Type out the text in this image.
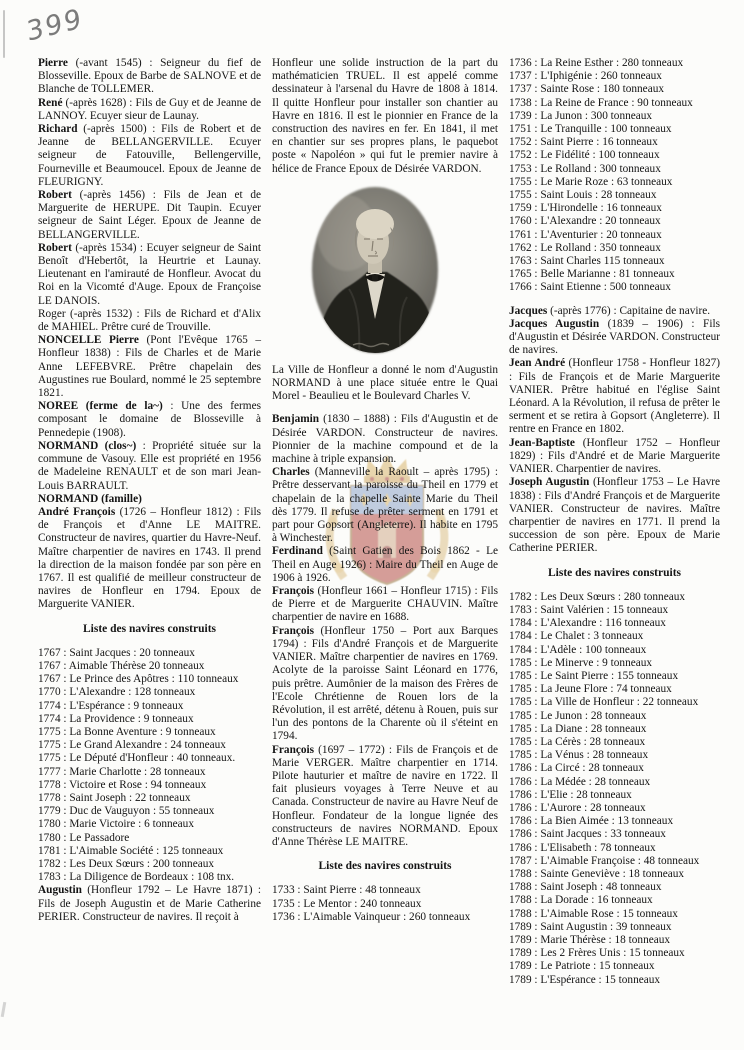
399

Pierre (-avant 1545) : Seigneur du fief de Blosseville. Epoux de Barbe de SALNOVE et de Blanche de TOLLEMER.

René (-après 1628) : Fils de Guy et de Jeanne de LANNOY. Ecuyer sieur de Launay.

Richard (-après 1500) : Fils de Robert et de Jeanne de BELLANGERVILLE. Ecuyer seigneur de Fatouville, Bellengerville, Fourneville et Beaumoucel. Epoux de Jeanne de FLEURIGNY.

Robert (-après 1456) : Fils de Jean et de Marguerite de HERUPE. Dit Taupin. Ecuyer seigneur de Saint Léger. Epoux de Jeanne de BELLANGERVILLE.

Robert (-après 1534) : Ecuyer seigneur de Saint Benoît d'Hebertôt, la Heurtrie et Launay. Lieutenant en l'amirauté de Honfleur. Avocat du Roi en la Vicomté d'Auge. Epoux de Françoise LE DANOIS.

Roger (-après 1532) : Fils de Richard et d'Alix de MAHIEL. Prêtre curé de Trouville.

NONCELLE Pierre (Pont l'Evêque 1765 – Honfleur 1838) : Fils de Charles et de Marie Anne LEFEBVRE. Prêtre chapelain des Augustines rue Boulard, nommé le 25 septembre 1821.

NOREE (ferme de la~) : Une des fermes composant le domaine de Blosseville à Pennedepie (1908).

NORMAND (clos~) : Propriété située sur la commune de Vasouy. Elle est propriété en 1956 de Madeleine RENAULT et de son mari Jean-Louis BARRAULT.

NORMAND (famille)

André François (1726 – Honfleur 1812) : Fils de François et d'Anne LE MAITRE. Constructeur de navires, quartier du Havre-Neuf. Maître charpentier de navires en 1743. Il prend la direction de la maison fondée par son père en 1767. Il est qualifié de meilleur constructeur de navires de Honfleur en 1794. Epoux de Marguerite VANIER.

Liste des navires construits
1767 : Saint Jacques : 20 tonneaux
1767 : Aimable Thérèse 20 tonneaux
1767 : Le Prince des Apôtres : 110 tonneaux
1770 : L'Alexandre : 128 tonneaux
1774 : L'Espérance : 9 tonneaux
1774 : La Providence : 9 tonneaux
1775 : La Bonne Aventure : 9 tonneaux
1775 : Le Grand Alexandre : 24 tonneaux
1775 : Le Député d'Honfleur : 40 tonneaux.
1777 : Marie Charlotte : 28 tonneaux
1778 : Victoire et Rose : 94 tonneaux
1778 : Saint Joseph : 22 tonneaux
1779 : Duc de Vauguyon : 55 tonneaux
1780 : Marie Victoire : 6 tonneaux
1780 : Le Passadore
1781 : L'Aimable Société : 125 tonneaux
1782 : Les Deux Sœurs : 200 tonneaux
1783 : La Diligence de Bordeaux : 108 tnx.

Augustin (Honfleur 1792 – Le Havre 1871) : Fils de Joseph Augustin et de Marie Catherine PERIER. Constructeur de navires. Il reçoit à

Honfleur une solide instruction de la part du mathématicien TRUEL. Il est appelé comme dessinateur à l'arsenal du Havre de 1808 à 1814. Il quitte Honfleur pour installer son chantier au Havre en 1816. Il est le pionnier en France de la construction des navires en fer. En 1841, il met en chantier sur ses propres plans, le paquebot poste « Napoléon » qui fut le premier navire à hélice de France Epoux de Désirée VARDON.

La Ville de Honfleur a donné le nom d'Augustin NORMAND à une place située entre le Quai Morel - Beaulieu et le Boulevard Charles V.

Benjamin (1830 – 1888) : Fils d'Augustin et de Désirée VARDON. Constructeur de navires. Pionnier de la machine compound et de la machine à triple expansion.

Charles (Manneville la Raoult – après 1795) : Prêtre desservant la paroisse du Theil en 1779 et chapelain de la chapelle Sainte Marie du Theil dès 1779. Il refuse de prêter serment en 1791 et part pour Gopsort (Angleterre). Il habite en 1795 à Winchester.

Ferdinand (Saint Gatien des Bois 1862 - Le Theil en Auge 1926) : Maire du Theil en Auge de 1906 à 1926.

François (Honfleur 1661 – Honfleur 1715) : Fils de Pierre et de Marguerite CHAUVIN. Maître charpentier de navire en 1688.

François (Honfleur 1750 – Port aux Barques 1794) : Fils d'André François et de Marguerite VANIER. Maître charpentier de navires en 1769. Acolyte de la paroisse Saint Léonard en 1776, puis prêtre. Aumônier de la maison des Frères de l'Ecole Chrétienne de Rouen lors de la Révolution, il est arrêté, détenu à Rouen, puis sur l'un des pontons de la Charente où il s'éteint en 1794.

François (1697 – 1772) : Fils de François et de Marie VERGER. Maître charpentier en 1714. Pilote hauturier et maître de navire en 1722. Il fait plusieurs voyages à Terre Neuve et au Canada. Constructeur de navire au Havre Neuf de Honfleur. Fondateur de la longue lignée des constructeurs de navires NORMAND. Epoux d'Anne Thérèse LE MAITRE.

Liste des navires construits
1733 : Saint Pierre : 48 tonneaux
1735 : Le Mentor : 240 tonneaux
1736 : L'Aimable Vainqueur : 260 tonneaux
1736 : La Reine Esther : 280 tonneaux
1737 : L'Iphigénie : 260 tonneaux
1737 : Sainte Rose : 180 tonneaux
1738 : La Reine de France : 90 tonneaux
1739 : La Junon : 300 tonneaux
1751 : Le Tranquille : 100 tonneaux
1752 : Saint Pierre : 16 tonneaux
1752 : Le Fidélité : 100 tonneaux
1753 : Le Rolland : 300 tonneaux
1755 : Le Marie Roze : 63 tonneaux
1755 : Saint Louis : 28 tonneaux
1759 : L'Hirondelle : 16 tonneaux
1760 : L'Alexandre : 20 tonneaux
1761 : L'Aventurier : 20 tonneaux
1762 : Le Rolland : 350 tonneaux
1763 : Saint Charles 115 tonneaux
1765 : Belle Marianne : 81 tonneaux
1766 : Saint Etienne : 500 tonneaux

Jacques (-après 1776) : Capitaine de navire.

Jacques Augustin (1839 – 1906) : Fils d'Augustin et Désirée VARDON. Constructeur de navires.

Jean André (Honfleur 1758 - Honfleur 1827) : Fils de François et de Marie Marguerite VANIER. Prêtre habitué en l'église Saint Léonard. A la Révolution, il refusa de prêter le serment et se retira à Gopsort (Angleterre). Il rentre en France en 1802.

Jean-Baptiste (Honfleur 1752 – Honfleur 1829) : Fils d'André et de Marie Marguerite VANIER. Charpentier de navires.

Joseph Augustin (Honfleur 1753 – Le Havre 1838) : Fils d'André François et de Marguerite VANIER. Constructeur de navires. Maître charpentier de navires en 1771. Il prend la succession de son père. Epoux de Marie Catherine PERIER.

Liste des navires construits
1782 : Les Deux Sœurs : 280 tonneaux
1783 : Saint Valérien : 15 tonneaux
1784 : L'Alexandre : 116 tonneaux
1784 : Le Chalet : 3 tonneaux
1784 : L'Adèle : 100 tonneaux
1785 : Le Minerve : 9 tonneaux
1785 : Le Saint Pierre : 155 tonneaux
1785 : La Jeune Flore : 74 tonneaux
1785 : La Ville de Honfleur : 22 tonneaux
1785 : Le Junon : 28 tonneaux
1785 : La Diane : 28 tonneaux
1785 : La Cérès : 28 tonneaux
1785 : La Vénus : 28 tonneaux
1786 : La Circé : 28 tonneaux
1786 : La Médée : 28 tonneaux
1786 : L'Elie : 28 tonneaux
1786 : L'Aurore : 28 tonneaux
1786 : La Bien Aimée : 13 tonneaux
1786 : Saint Jacques : 33 tonneaux
1786 : L'Elisabeth : 78 tonneaux
1787 : L'Aimable Françoise : 48 tonneaux
1788 : Sainte Geneviève : 18 tonneaux
1788 : Saint Joseph : 48 tonneaux
1788 : La Dorade : 16 tonneaux
1788 : L'Aimable Rose : 15 tonneaux
1789 : Saint Augustin : 39 tonneaux
1789 : Marie Thérèse : 18 tonneaux
1789 : Les 2 Frères Unis : 15 tonneaux
1789 : Le Patriote : 15 tonneaux
1789 : L'Espérance : 15 tonneaux
